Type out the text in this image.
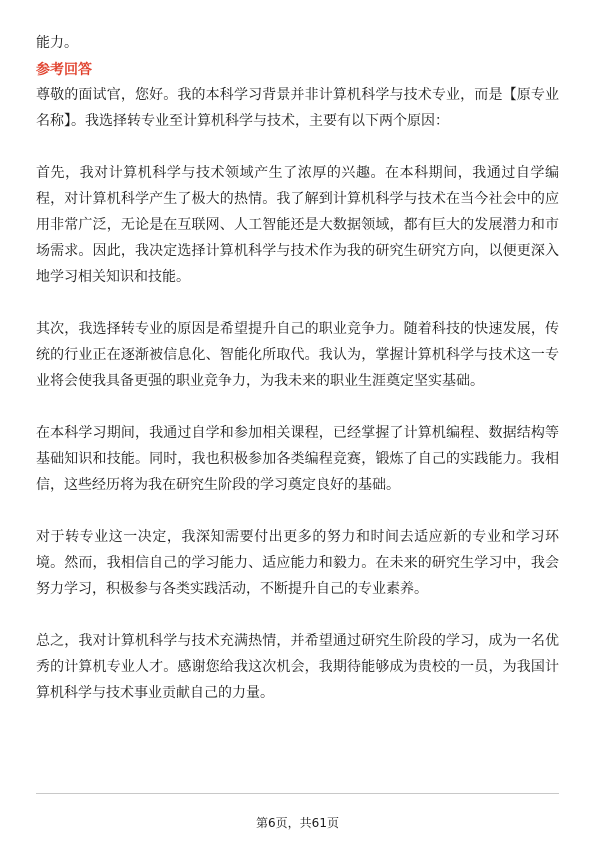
能力。

参考回答

尊敬的面试官，您好。我的本科学习背景并非计算机科学与技术专业，而是【原专业名称】。我选择转专业至计算机科学与技术，主要有以下两个原因：

首先，我对计算机科学与技术领域产生了浓厚的兴趣。在本科期间，我通过自学编程，对计算机科学产生了极大的热情。我了解到计算机科学与技术在当今社会中的应用非常广泛，无论是在互联网、人工智能还是大数据领域，都有巨大的发展潜力和市场需求。因此，我决定选择计算机科学与技术作为我的研究生研究方向，以便更深入地学习相关知识和技能。

其次，我选择转专业的原因是希望提升自己的职业竞争力。随着科技的快速发展，传统的行业正在逐渐被信息化、智能化所取代。我认为，掌握计算机科学与技术这一专业将会使我具备更强的职业竞争力，为我未来的职业生涯奠定坚实基础。

在本科学习期间，我通过自学和参加相关课程，已经掌握了计算机编程、数据结构等基础知识和技能。同时，我也积极参加各类编程竞赛，锻炼了自己的实践能力。我相信，这些经历将为我在研究生阶段的学习奠定良好的基础。

对于转专业这一决定，我深知需要付出更多的努力和时间去适应新的专业和学习环境。然而，我相信自己的学习能力、适应能力和毅力。在未来的研究生学习中，我会努力学习，积极参与各类实践活动，不断提升自己的专业素养。

总之，我对计算机科学与技术充满热情，并希望通过研究生阶段的学习，成为一名优秀的计算机专业人才。感谢您给我这次机会，我期待能够成为贵校的一员，为我国计算机科学与技术事业贡献自己的力量。

第6页，共61页
